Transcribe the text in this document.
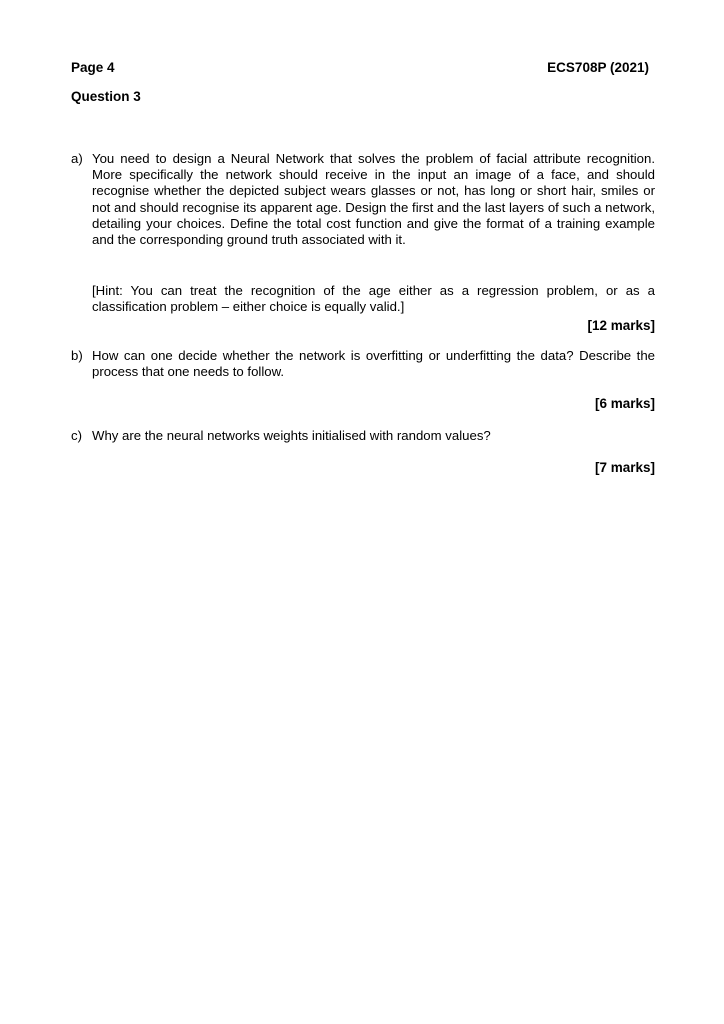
Page 4	ECS708P (2021)
Question 3
a) You need to design a Neural Network that solves the problem of facial attribute recognition. More specifically the network should receive in the input an image of a face, and should recognise whether the depicted subject wears glasses or not, has long or short hair, smiles or not and should recognise its apparent age. Design the first and the last layers of such a network, detailing your choices. Define the total cost function and give the format of a training example and the corresponding ground truth associated with it.
[Hint: You can treat the recognition of the age either as a regression problem, or as a classification problem – either choice is equally valid.]
[12 marks]
b) How can one decide whether the network is overfitting or underfitting the data? Describe the process that one needs to follow.
[6 marks]
c) Why are the neural networks weights initialised with random values?
[7 marks]
